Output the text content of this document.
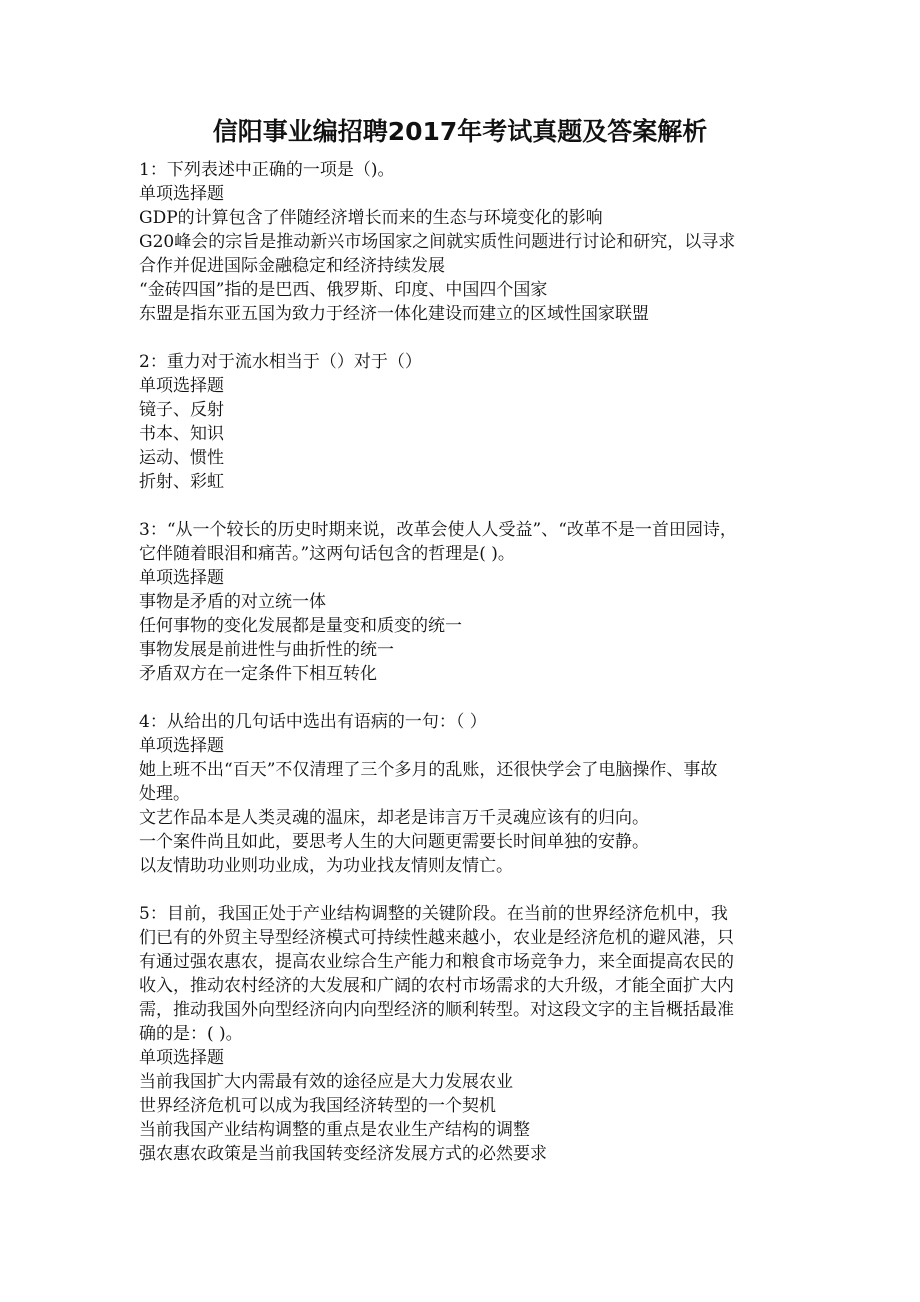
信阳事业编招聘2017年考试真题及答案解析

1：下列表述中正确的一项是（)。

单项选择题

GDP的计算包含了伴随经济增长而来的生态与环境变化的影响

G20峰会的宗旨是推动新兴市场国家之间就实质性问题进行讨论和研究，以寻求

合作并促进国际金融稳定和经济持续发展

“金砖四国”指的是巴西、俄罗斯、印度、中国四个国家

东盟是指东亚五国为致力于经济一体化建设而建立的区域性国家联盟

2：重力对于流水相当于（）对于（）

单项选择题

镜子、反射

书本、知识

运动、惯性

折射、彩虹

3：“从一个较长的历史时期来说，改革会使人人受益”、“改革不是一首田园诗，

它伴随着眼泪和痛苦。”这两句话包含的哲理是( )。

单项选择题

事物是矛盾的对立统一体

任何事物的变化发展都是量变和质变的统一

事物发展是前进性与曲折性的统一

矛盾双方在一定条件下相互转化

4：从给出的几句话中选出有语病的一句：（ ）

单项选择题

她上班不出“百天”不仅清理了三个多月的乱账，还很快学会了电脑操作、事故

处理。

文艺作品本是人类灵魂的温床，却老是讳言万千灵魂应该有的归向。

一个案件尚且如此，要思考人生的大问题更需要长时间单独的安静。

以友情助功业则功业成，为功业找友情则友情亡。

5：目前，我国正处于产业结构调整的关键阶段。在当前的世界经济危机中，我

们已有的外贸主导型经济模式可持续性越来越小，农业是经济危机的避风港，只

有通过强农惠农，提高农业综合生产能力和粮食市场竞争力，来全面提高农民的

收入，推动农村经济的大发展和广阔的农村市场需求的大升级，才能全面扩大内

需，推动我国外向型经济向内向型经济的顺利转型。对这段文字的主旨概括最准

确的是：( )。

单项选择题

当前我国扩大内需最有效的途径应是大力发展农业

世界经济危机可以成为我国经济转型的一个契机

当前我国产业结构调整的重点是农业生产结构的调整

强农惠农政策是当前我国转变经济发展方式的必然要求
